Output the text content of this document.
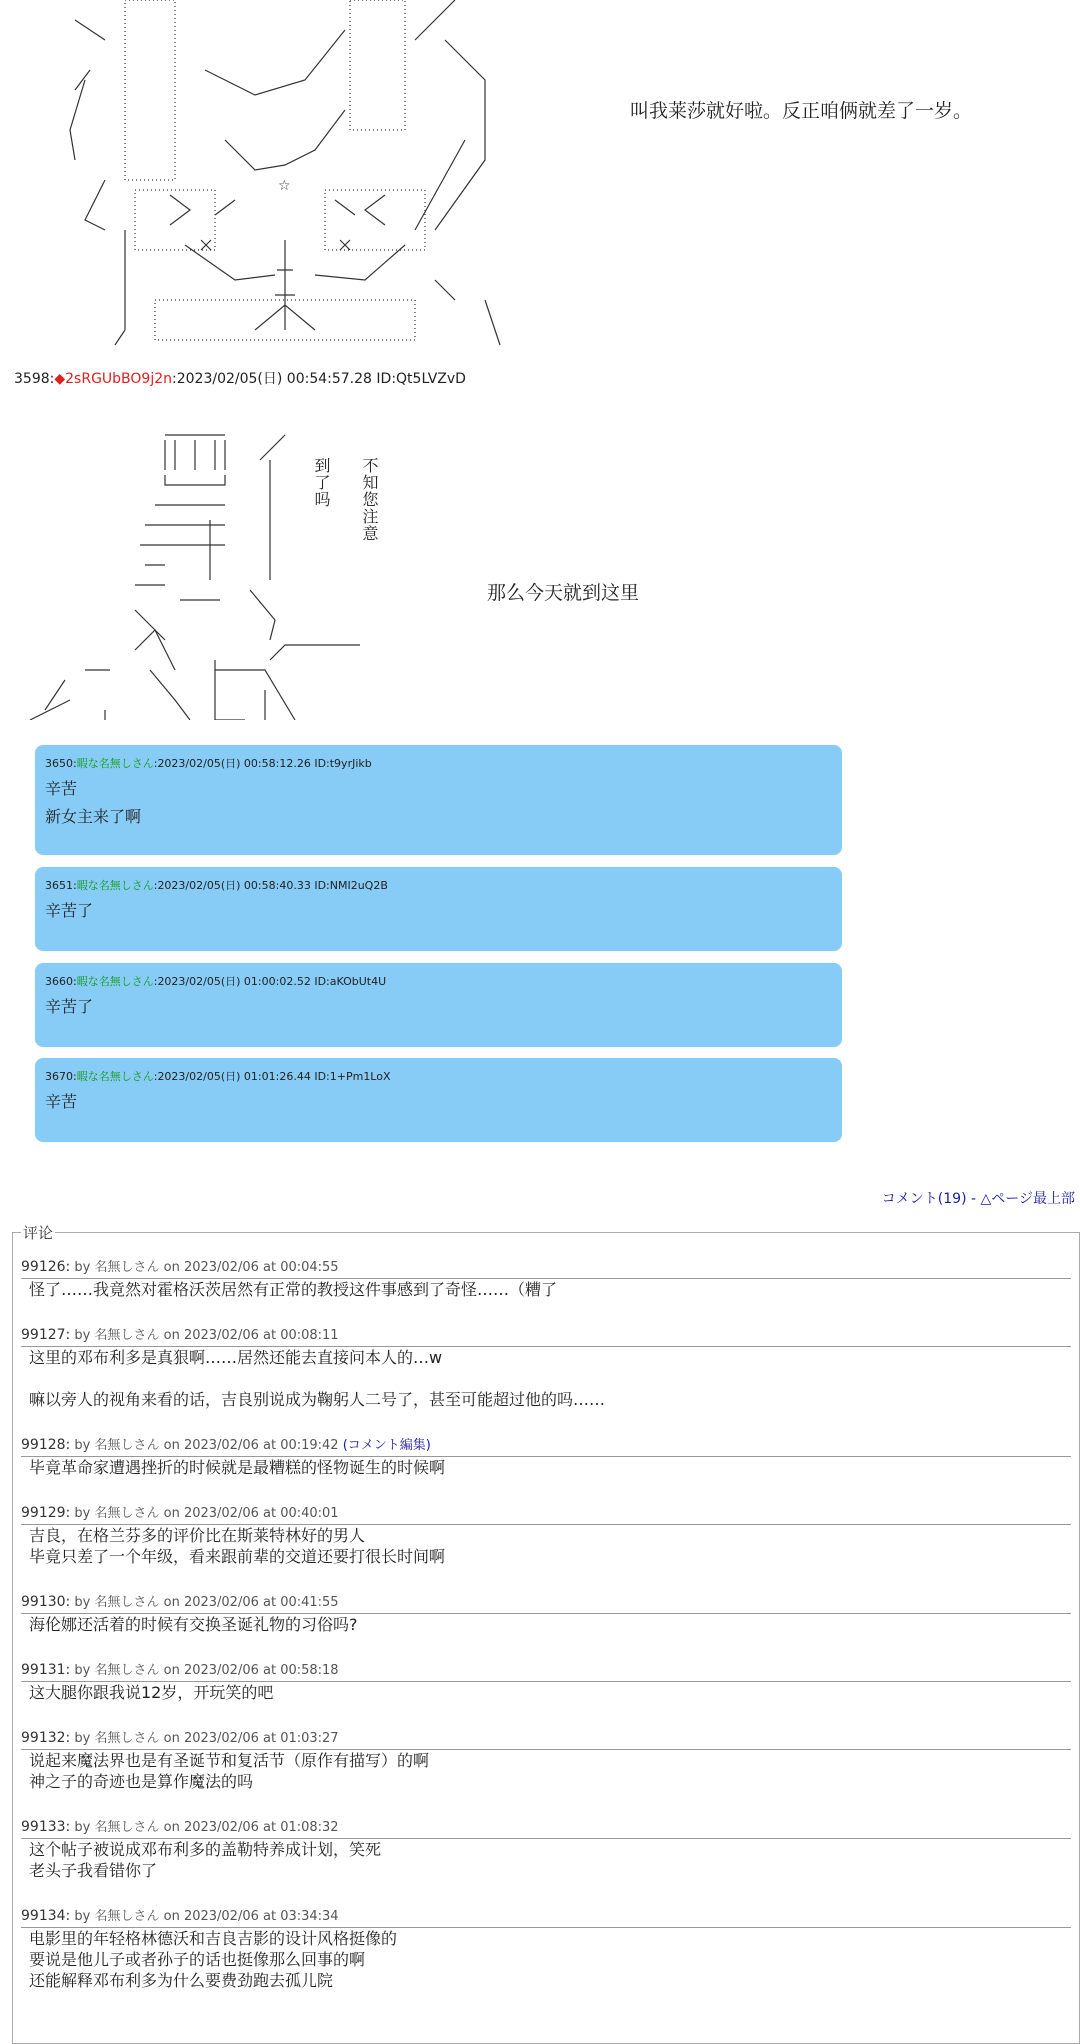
☆
叫我莱莎就好啦。反正咱俩就差了一岁。
3598:◆2sRGUbBO9j2n:2023/02/05(日) 00:54:57.28 ID:Qt5LVZvD
到了吗 不知您注意
那么今天就到这里
3650:暇な名無しさん:2023/02/05(日) 00:58:12.26 ID:t9yrJikb
辛苦
新女主来了啊
3651:暇な名無しさん:2023/02/05(日) 00:58:40.33 ID:NMI2uQ2B
辛苦了
3660:暇な名無しさん:2023/02/05(日) 01:00:02.52 ID:aKObUt4U
辛苦了
3670:暇な名無しさん:2023/02/05(日) 01:01:26.44 ID:1+Pm1LoX
辛苦
コメント(19) - △ページ最上部
评论
99126: by 名無しさん on 2023/02/06 at 00:04:55
怪了……我竟然对霍格沃茨居然有正常的教授这件事感到了奇怪……（糟了
99127: by 名無しさん on 2023/02/06 at 00:08:11
这里的邓布利多是真狠啊……居然还能去直接问本人的…w
嘛以旁人的视角来看的话，吉良别说成为鞠躬人二号了，甚至可能超过他的吗……
99128: by 名無しさん on 2023/02/06 at 00:19:42 (コメント編集)
毕竟革命家遭遇挫折的时候就是最糟糕的怪物诞生的时候啊
99129: by 名無しさん on 2023/02/06 at 00:40:01
吉良，在格兰芬多的评价比在斯莱特林好的男人
毕竟只差了一个年级，看来跟前辈的交道还要打很长时间啊
99130: by 名無しさん on 2023/02/06 at 00:41:55
海伦娜还活着的时候有交换圣诞礼物的习俗吗?
99131: by 名無しさん on 2023/02/06 at 00:58:18
这大腿你跟我说12岁，开玩笑的吧
99132: by 名無しさん on 2023/02/06 at 01:03:27
说起来魔法界也是有圣诞节和复活节（原作有描写）的啊
神之子的奇迹也是算作魔法的吗
99133: by 名無しさん on 2023/02/06 at 01:08:32
这个帖子被说成邓布利多的盖勒特养成计划，笑死
老头子我看错你了
99134: by 名無しさん on 2023/02/06 at 03:34:34
电影里的年轻格林德沃和吉良吉影的设计风格挺像的
要说是他儿子或者孙子的话也挺像那么回事的啊
还能解释邓布利多为什么要费劲跑去孤儿院
